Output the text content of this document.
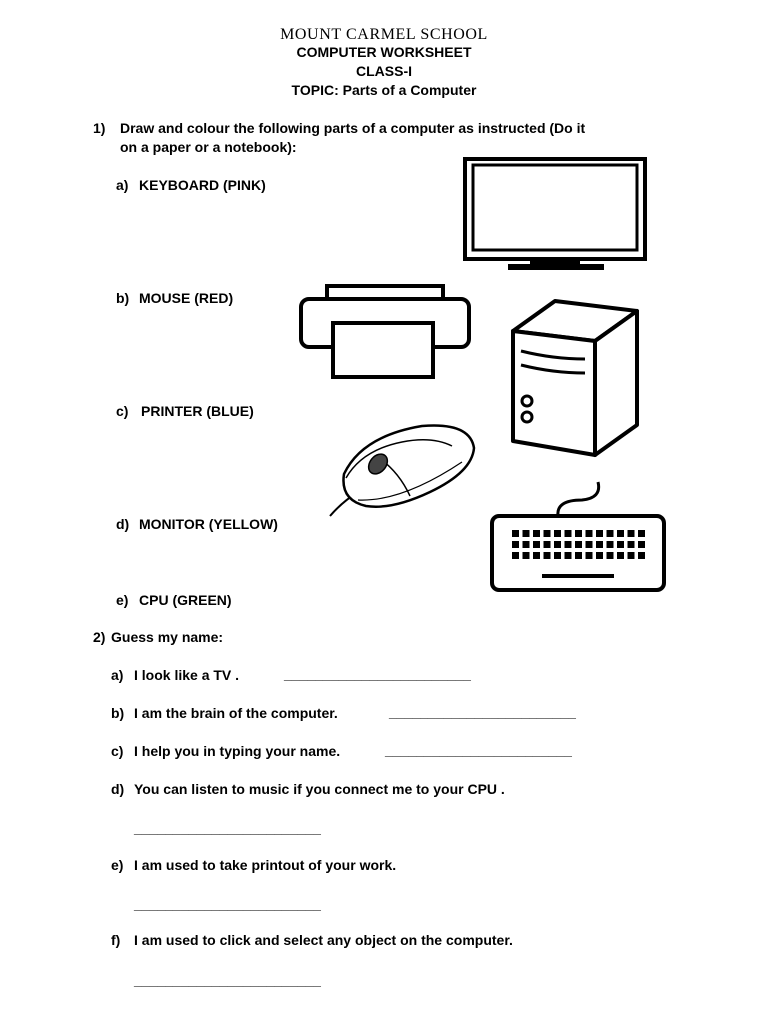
MOUNT CARMEL SCHOOL
COMPUTER WORKSHEET
CLASS-I
TOPIC: Parts of a Computer
1) Draw and colour the following parts of a computer as instructed (Do it
on a paper or a notebook):
a) KEYBOARD (PINK)
b) MOUSE (RED)
c) PRINTER (BLUE)
d) MONITOR (YELLOW)
e) CPU (GREEN)
2) Guess my name:
a) I look like a TV .	________________________
b) I am the brain of the computer.	________________________
c) I help you in typing your name.	________________________
d) You can listen to music if you connect me to your CPU .
________________________
e) I am used to take printout of your work.
________________________
f) I am used to click and select any object on the computer.
________________________
